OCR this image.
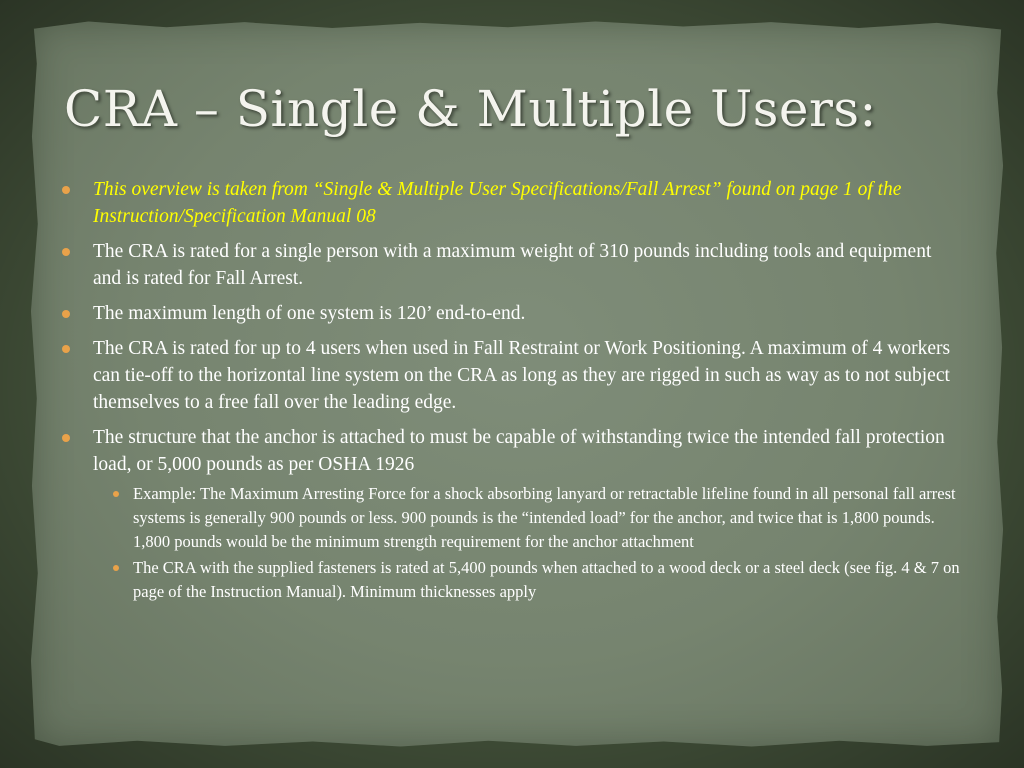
CRA – Single & Multiple Users:
This overview is taken from “Single & Multiple User Specifications/Fall Arrest” found on page 1 of the Instruction/Specification Manual 08
The CRA is rated for a single person with a maximum weight of 310 pounds including tools and equipment and is rated for Fall Arrest.
The maximum length of one system is 120’ end-to-end.
The CRA is rated for up to 4 users when used in Fall Restraint or Work Positioning. A maximum of 4 workers can tie-off to the horizontal line system on the CRA as long as they are rigged in such as way as to not subject themselves to a free fall over the leading edge.
The structure that the anchor is attached to must be capable of withstanding twice the intended fall protection load, or 5,000 pounds as per OSHA 1926
Example: The Maximum Arresting Force for a shock absorbing lanyard or retractable lifeline found in all personal fall arrest systems is generally 900 pounds or less. 900 pounds is the “intended load” for the anchor, and twice that is 1,800 pounds. 1,800 pounds would be the minimum strength requirement for the anchor attachment
The CRA with the supplied fasteners is rated at 5,400 pounds when attached to a wood deck or a steel deck (see fig. 4 & 7 on page of the Instruction Manual). Minimum thicknesses apply
